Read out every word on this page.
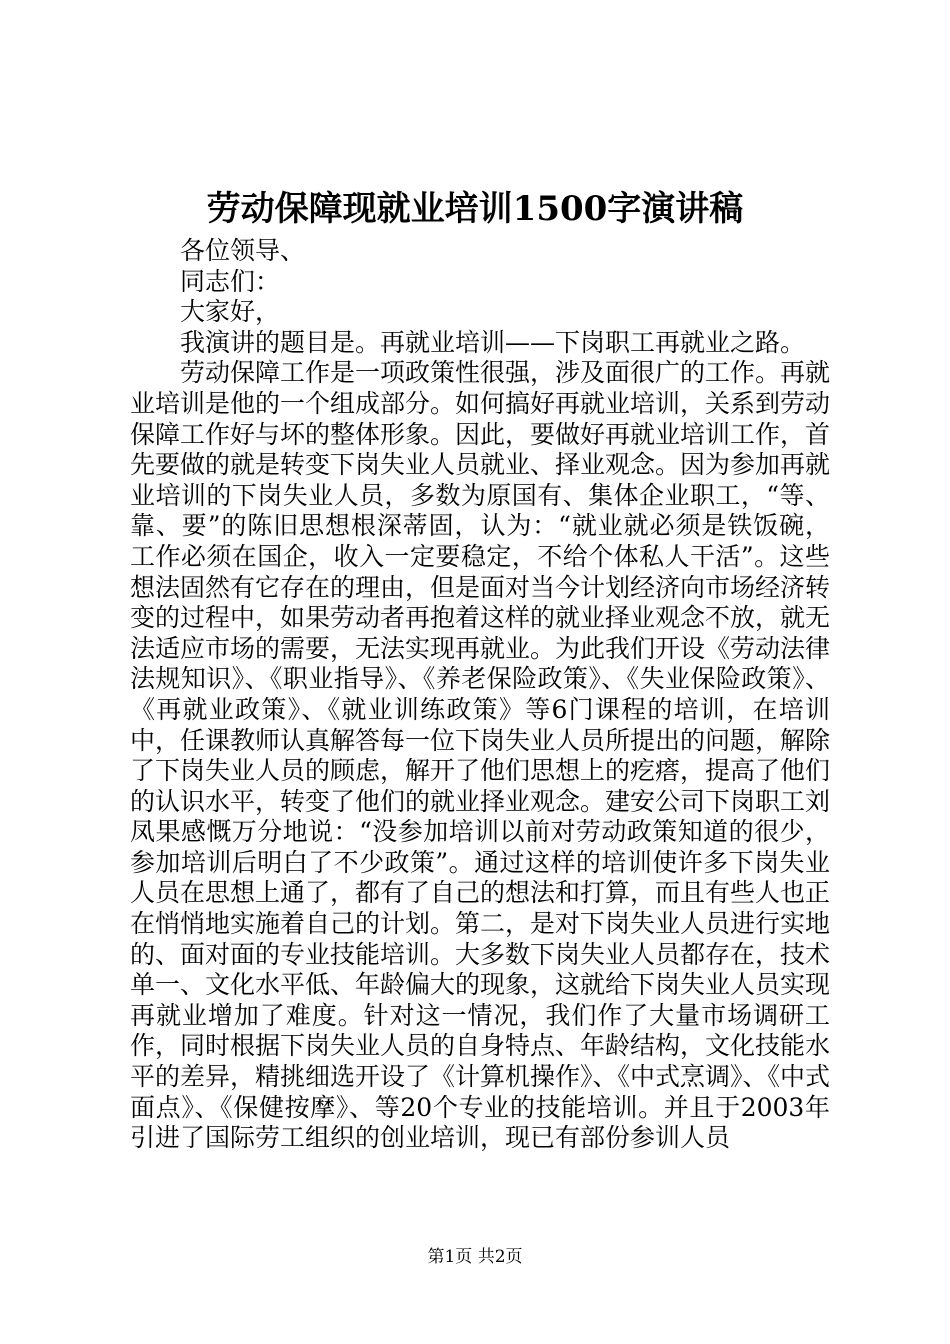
劳动保障现就业培训1500字演讲稿

各位领导、

同志们：

大家好，

我演讲的题目是。再就业培训——下岗职工再就业之路。

劳动保障工作是一项政策性很强，涉及面很广的工作。再就业培训是他的一个组成部分。如何搞好再就业培训，关系到劳动保障工作好与坏的整体形象。因此，要做好再就业培训工作，首先要做的就是转变下岗失业人员就业、择业观念。因为参加再就业培训的下岗失业人员，多数为原国有、集体企业职工，“等、靠、要”的陈旧思想根深蒂固，认为：“就业就必须是铁饭碗，工作必须在国企，收入一定要稳定，不给个体私人干活”。这些想法固然有它存在的理由，但是面对当今计划经济向市场经济转变的过程中，如果劳动者再抱着这样的就业择业观念不放，就无法适应市场的需要，无法实现再就业。为此我们开设《劳动法律法规知识》、《职业指导》、《养老保险政策》、《失业保险政策》、《再就业政策》、《就业训练政策》等6门课程的培训，在培训中，任课教师认真解答每一位下岗失业人员所提出的问题，解除了下岗失业人员的顾虑，解开了他们思想上的疙瘩，提高了他们的认识水平，转变了他们的就业择业观念。建安公司下岗职工刘凤果感慨万分地说：“没参加培训以前对劳动政策知道的很少，参加培训后明白了不少政策”。通过这样的培训使许多下岗失业人员在思想上通了，都有了自己的想法和打算，而且有些人也正在悄悄地实施着自己的计划。第二，是对下岗失业人员进行实地的、面对面的专业技能培训。大多数下岗失业人员都存在，技术单一、文化水平低、年龄偏大的现象，这就给下岗失业人员实现再就业增加了难度。针对这一情况，我们作了大量市场调研工作，同时根据下岗失业人员的自身特点、年龄结构，文化技能水平的差异，精挑细选开设了《计算机操作》、《中式烹调》、《中式面点》、《保健按摩》、等20个专业的技能培训。并且于2003年引进了国际劳工组织的创业培训，现已有部份参训人员

第1页 共2页
